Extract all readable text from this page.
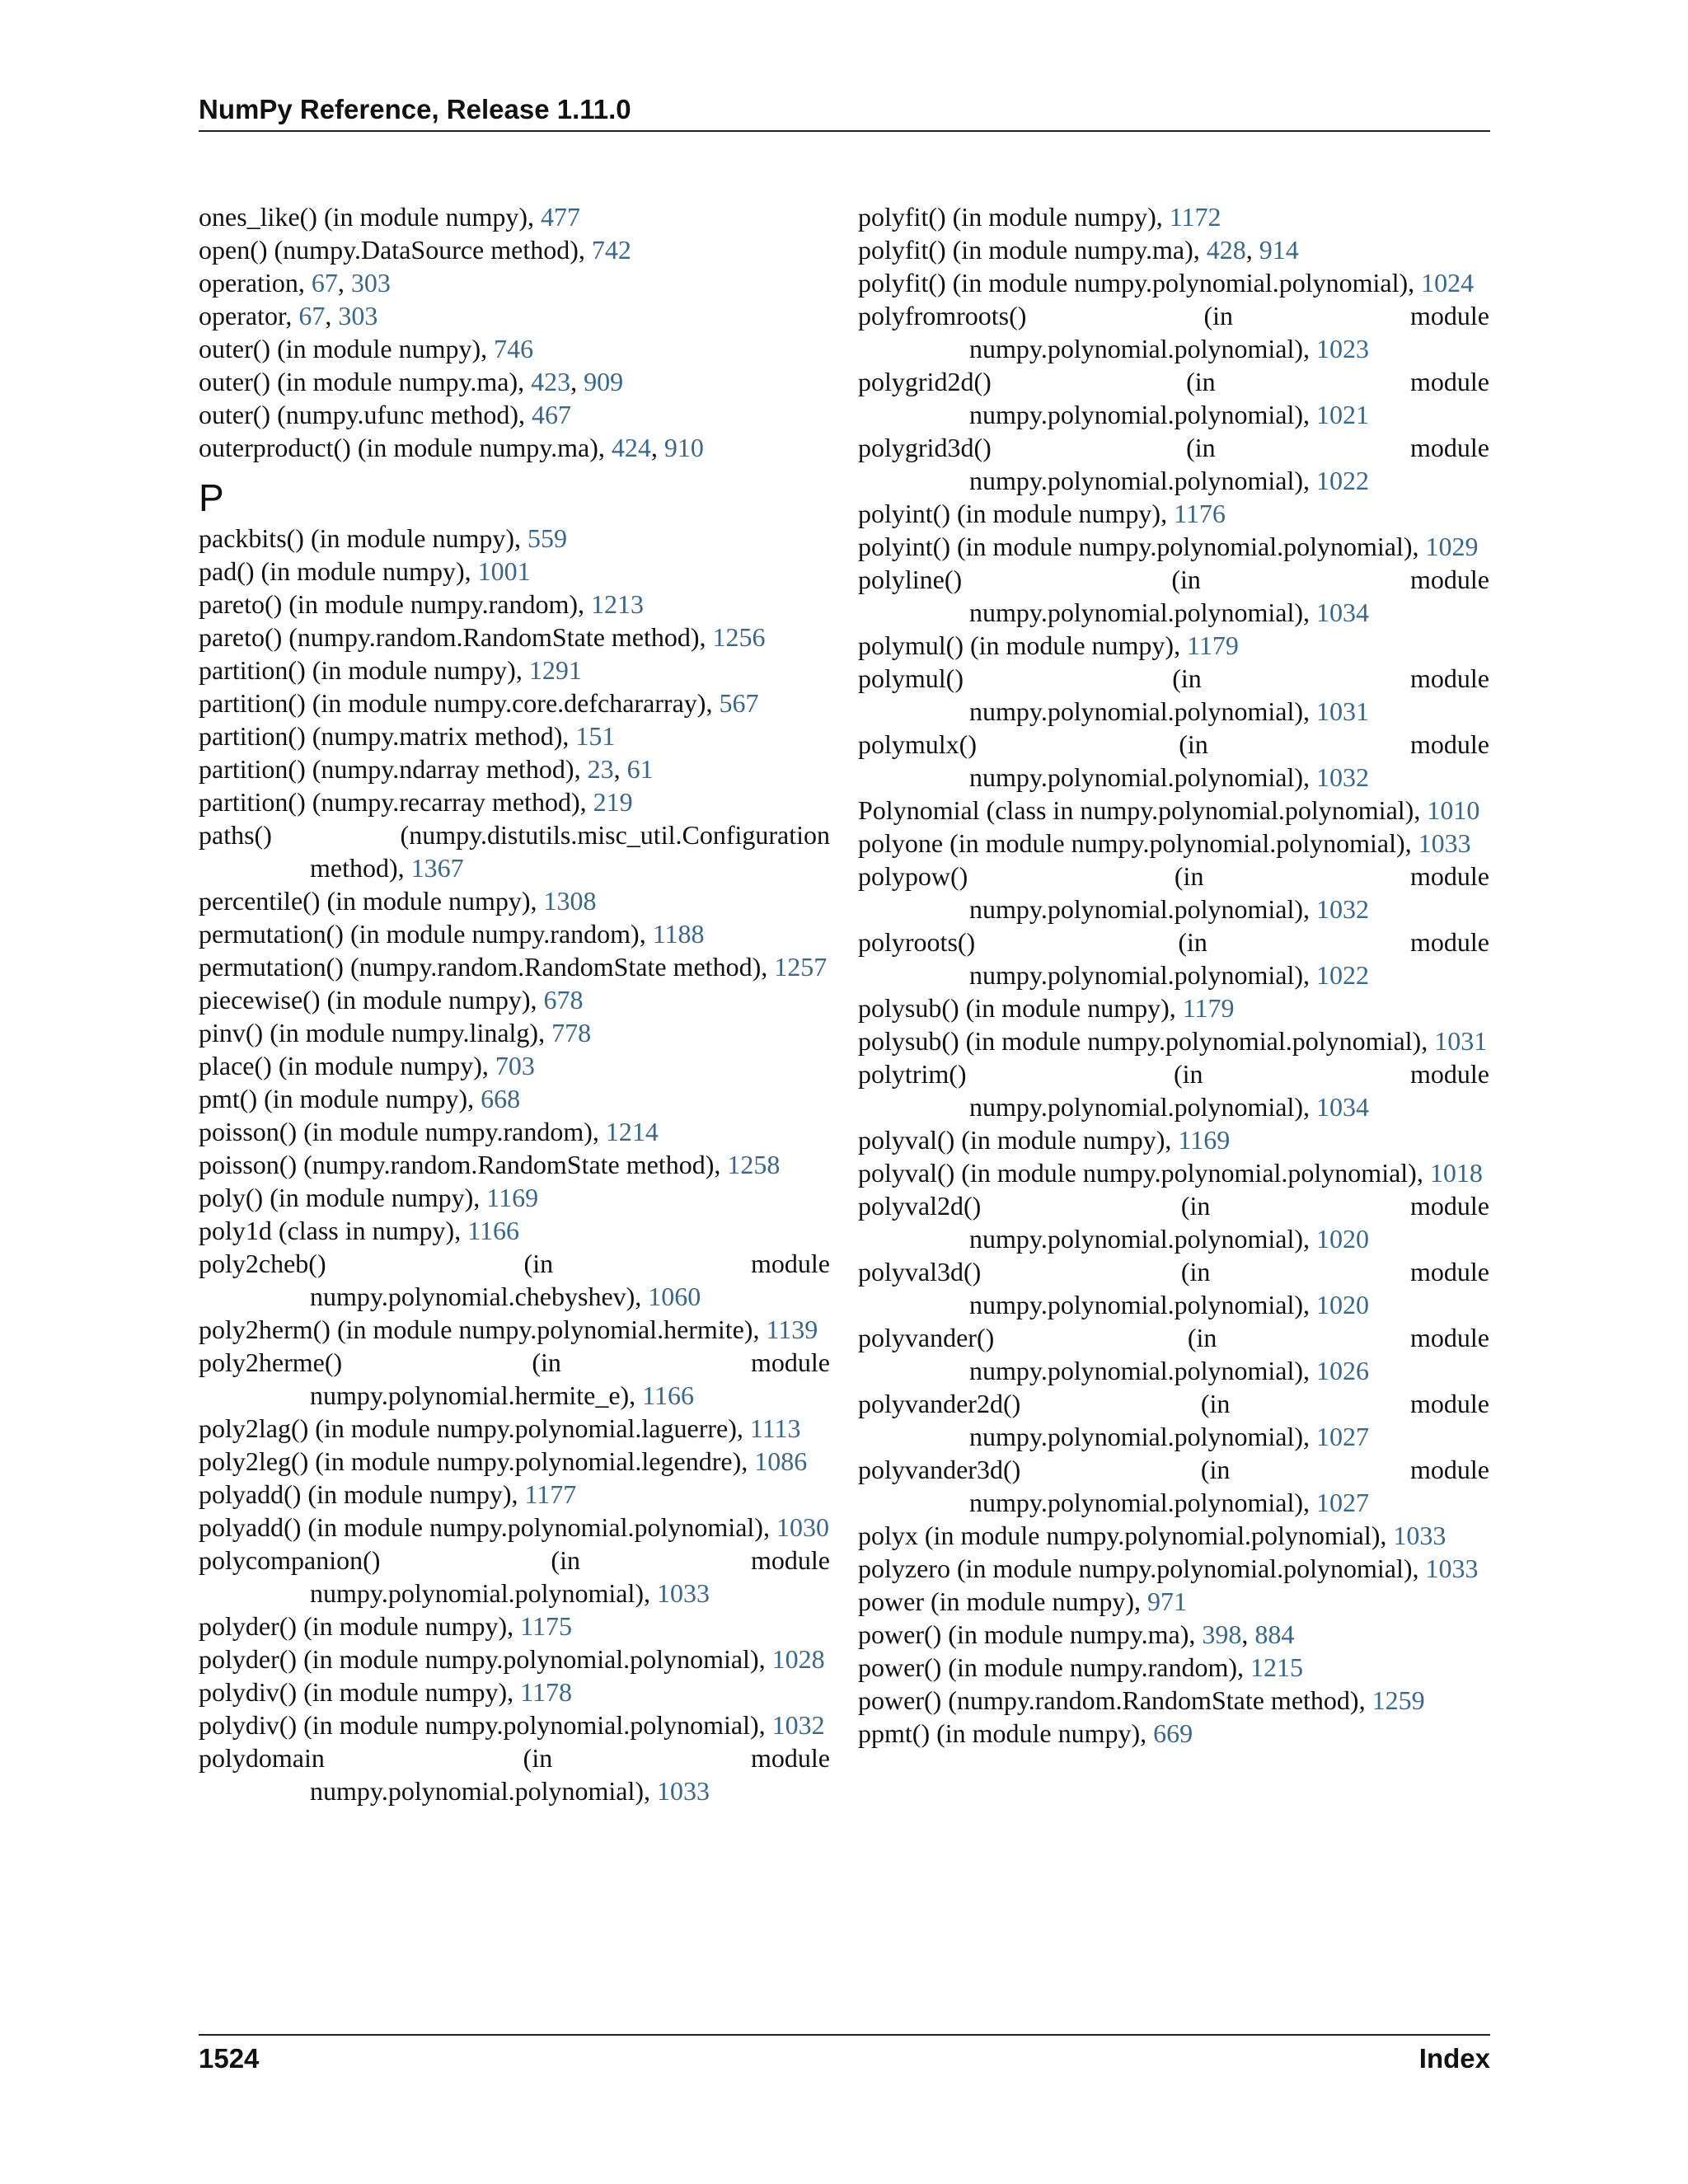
NumPy Reference, Release 1.11.0
ones_like() (in module numpy), 477
open() (numpy.DataSource method), 742
operation, 67, 303
operator, 67, 303
outer() (in module numpy), 746
outer() (in module numpy.ma), 423, 909
outer() (numpy.ufunc method), 467
outerproduct() (in module numpy.ma), 424, 910
P
packbits() (in module numpy), 559
pad() (in module numpy), 1001
pareto() (in module numpy.random), 1213
pareto() (numpy.random.RandomState method), 1256
partition() (in module numpy), 1291
partition() (in module numpy.core.defchararray), 567
partition() (numpy.matrix method), 151
partition() (numpy.ndarray method), 23, 61
partition() (numpy.recarray method), 219
paths() (numpy.distutils.misc_util.Configuration method), 1367
percentile() (in module numpy), 1308
permutation() (in module numpy.random), 1188
permutation() (numpy.random.RandomState method), 1257
piecewise() (in module numpy), 678
pinv() (in module numpy.linalg), 778
place() (in module numpy), 703
pmt() (in module numpy), 668
poisson() (in module numpy.random), 1214
poisson() (numpy.random.RandomState method), 1258
poly() (in module numpy), 1169
poly1d (class in numpy), 1166
poly2cheb() (in module numpy.polynomial.chebyshev), 1060
poly2herm() (in module numpy.polynomial.hermite), 1139
poly2herme() (in module numpy.polynomial.hermite_e), 1166
poly2lag() (in module numpy.polynomial.laguerre), 1113
poly2leg() (in module numpy.polynomial.legendre), 1086
polyadd() (in module numpy), 1177
polyadd() (in module numpy.polynomial.polynomial), 1030
polycompanion() (in module numpy.polynomial.polynomial), 1033
polyder() (in module numpy), 1175
polyder() (in module numpy.polynomial.polynomial), 1028
polydiv() (in module numpy), 1178
polydiv() (in module numpy.polynomial.polynomial), 1032
polydomain (in module numpy.polynomial.polynomial), 1033
polyfit() (in module numpy), 1172
polyfit() (in module numpy.ma), 428, 914
polyfit() (in module numpy.polynomial.polynomial), 1024
polyfromroots() (in module numpy.polynomial.polynomial), 1023
polygrid2d() (in module numpy.polynomial.polynomial), 1021
polygrid3d() (in module numpy.polynomial.polynomial), 1022
polyint() (in module numpy), 1176
polyint() (in module numpy.polynomial.polynomial), 1029
polyline() (in module numpy.polynomial.polynomial), 1034
polymul() (in module numpy), 1179
polymul() (in module numpy.polynomial.polynomial), 1031
polymulx() (in module numpy.polynomial.polynomial), 1032
Polynomial (class in numpy.polynomial.polynomial), 1010
polyone (in module numpy.polynomial.polynomial), 1033
polypow() (in module numpy.polynomial.polynomial), 1032
polyroots() (in module numpy.polynomial.polynomial), 1022
polysub() (in module numpy), 1179
polysub() (in module numpy.polynomial.polynomial), 1031
polytrim() (in module numpy.polynomial.polynomial), 1034
polyval() (in module numpy), 1169
polyval() (in module numpy.polynomial.polynomial), 1018
polyval2d() (in module numpy.polynomial.polynomial), 1020
polyval3d() (in module numpy.polynomial.polynomial), 1020
polyvander() (in module numpy.polynomial.polynomial), 1026
polyvander2d() (in module numpy.polynomial.polynomial), 1027
polyvander3d() (in module numpy.polynomial.polynomial), 1027
polyx (in module numpy.polynomial.polynomial), 1033
polyzero (in module numpy.polynomial.polynomial), 1033
power (in module numpy), 971
power() (in module numpy.ma), 398, 884
power() (in module numpy.random), 1215
power() (numpy.random.RandomState method), 1259
ppmt() (in module numpy), 669
1524	Index
